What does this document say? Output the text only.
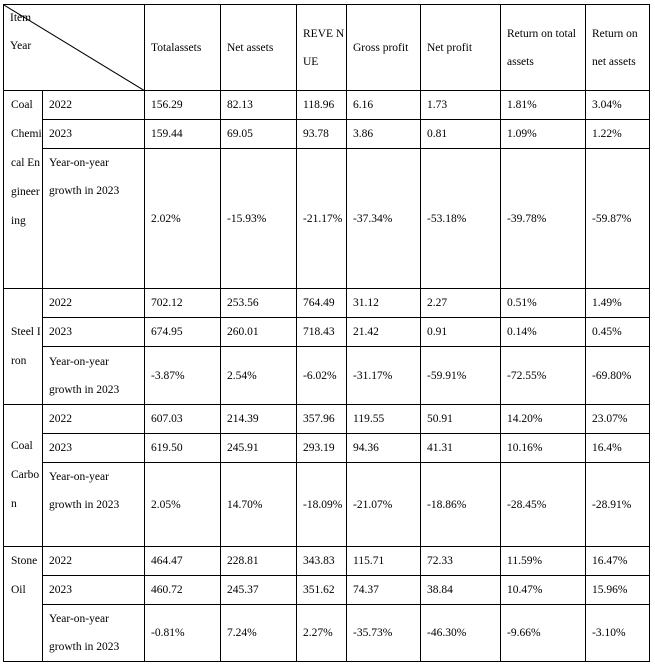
Item
Year		Totalassets	Net assets	REVE NUE	Gross profit	Net profit	Return on total assets	Return on net assets
Coal Chemical Engineering	2022	156.29	82.13	118.96	6.16	1.73	1.81%	3.04%
	2023	159.44	69.05	93.78	3.86	0.81	1.09%	1.22%
	Year-on-year growth in 2023	2.02%	-15.93%	-21.17%	-37.34%	-53.18%	-39.78%	-59.87%
Steel Iron	2022	702.12	253.56	764.49	31.12	2.27	0.51%	1.49%
	2023	674.95	260.01	718.43	21.42	0.91	0.14%	0.45%
	Year-on-year growth in 2023	-3.87%	2.54%	-6.02%	-31.17%	-59.91%	-72.55%	-69.80%
Coal Carbon	2022	607.03	214.39	357.96	119.55	50.91	14.20%	23.07%
	2023	619.50	245.91	293.19	94.36	41.31	10.16%	16.4%
	Year-on-year growth in 2023	2.05%	14.70%	-18.09%	-21.07%	-18.86%	-28.45%	-28.91%
Stone Oil	2022	464.47	228.81	343.83	115.71	72.33	11.59%	16.47%
	2023	460.72	245.37	351.62	74.37	38.84	10.47%	15.96%
	Year-on-year growth in 2023	-0.81%	7.24%	2.27%	-35.73%	-46.30%	-9.66%	-3.10%
